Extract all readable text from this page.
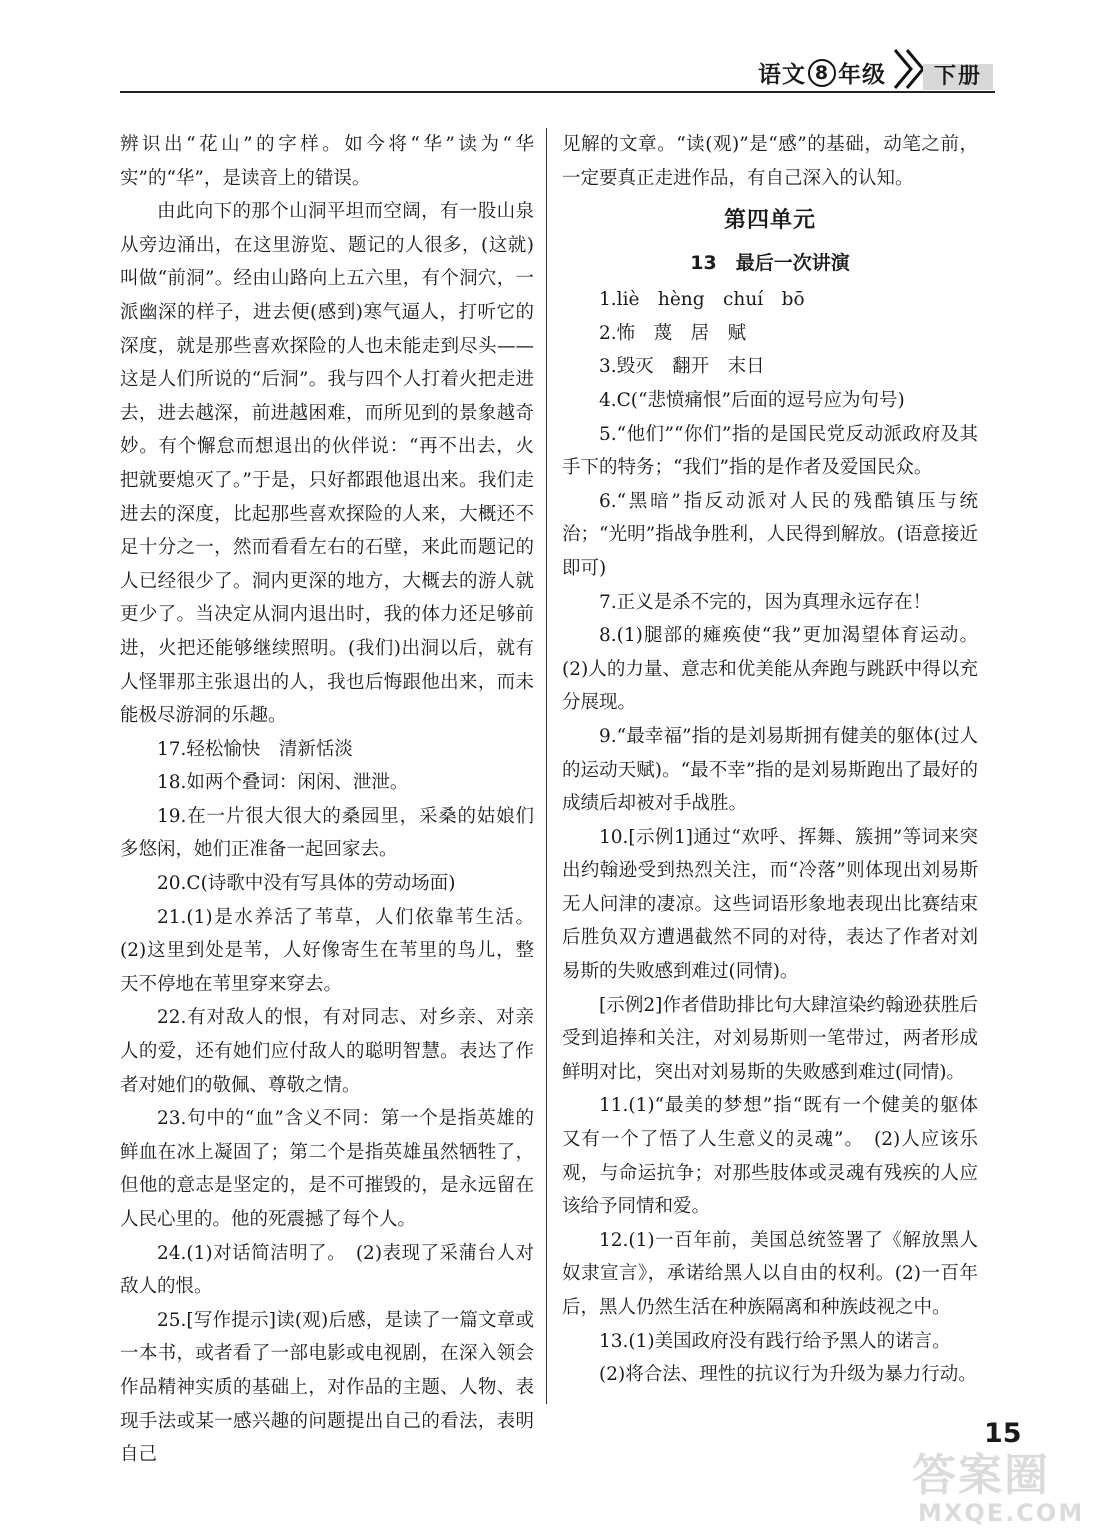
语文 8 年级	下册

辨识出“花山”的字样。如今将“华”读为“华实”的“华”，是读音上的错误。

由此向下的那个山洞平坦而空阔，有一股山泉从旁边涌出，在这里游览、题记的人很多，(这就)叫做“前洞”。经由山路向上五六里，有个洞穴，一派幽深的样子，进去便(感到)寒气逼人，打听它的深度，就是那些喜欢探险的人也未能走到尽头——这是人们所说的“后洞”。我与四个人打着火把走进去，进去越深，前进越困难，而所见到的景象越奇妙。有个懈怠而想退出的伙伴说：“再不出去，火把就要熄灭了。”于是，只好都跟他退出来。我们走进去的深度，比起那些喜欢探险的人来，大概还不足十分之一，然而看看左右的石壁，来此而题记的人已经很少了。洞内更深的地方，大概去的游人就更少了。当决定从洞内退出时，我的体力还足够前进，火把还能够继续照明。(我们)出洞以后，就有人怪罪那主张退出的人，我也后悔跟他出来，而未能极尽游洞的乐趣。

17.轻松愉快　清新恬淡

18.如两个叠词：闲闲、泄泄。

19.在一片很大很大的桑园里，采桑的姑娘们多悠闲，她们正准备一起回家去。

20.C(诗歌中没有写具体的劳动场面)

21.(1)是水养活了苇草，人们依靠苇生活。(2)这里到处是苇，人好像寄生在苇里的鸟儿，整天不停地在苇里穿来穿去。

22.有对敌人的恨，有对同志、对乡亲、对亲人的爱，还有她们应付敌人的聪明智慧。表达了作者对她们的敬佩、尊敬之情。

23.句中的“血”含义不同：第一个是指英雄的鲜血在冰上凝固了；第二个是指英雄虽然牺牲了，但他的意志是坚定的，是不可摧毁的，是永远留在人民心里的。他的死震撼了每个人。

24.(1)对话简洁明了。　(2)表现了采蒲台人对敌人的恨。

25.[写作提示]读(观)后感，是读了一篇文章或一本书，或者看了一部电影或电视剧，在深入领会作品精神实质的基础上，对作品的主题、人物、表现手法或某一感兴趣的问题提出自己的看法，表明自己

见解的文章。“读(观)”是“感”的基础，动笔之前，一定要真正走进作品，有自己深入的认知。

第四单元
13　最后一次讲演

1.liè　hèng　chuí　bō

2.怖　蔑　居　赋

3.毁灭　翻开　末日

4.C(“悲愤痛恨”后面的逗号应为句号)

5.“他们”“你们”指的是国民党反动派政府及其手下的特务；“我们”指的是作者及爱国民众。

6.“黑暗”指反动派对人民的残酷镇压与统治；“光明”指战争胜利，人民得到解放。(语意接近即可)

7.正义是杀不完的，因为真理永远存在！

8.(1)腿部的瘫痪使“我”更加渴望体育运动。(2)人的力量、意志和优美能从奔跑与跳跃中得以充分展现。

9.“最幸福”指的是刘易斯拥有健美的躯体(过人的运动天赋)。“最不幸”指的是刘易斯跑出了最好的成绩后却被对手战胜。

10.[示例1]通过“欢呼、挥舞、簇拥”等词来突出约翰逊受到热烈关注，而“冷落”则体现出刘易斯无人问津的凄凉。这些词语形象地表现出比赛结束后胜负双方遭遇截然不同的对待，表达了作者对刘易斯的失败感到难过(同情)。

[示例2]作者借助排比句大肆渲染约翰逊获胜后受到追捧和关注，对刘易斯则一笔带过，两者形成鲜明对比，突出对刘易斯的失败感到难过(同情)。

11.(1)“最美的梦想”指“既有一个健美的躯体又有一个了悟了人生意义的灵魂”。　(2)人应该乐观，与命运抗争；对那些肢体或灵魂有残疾的人应该给予同情和爱。

12.(1)一百年前，美国总统签署了《解放黑人奴隶宣言》，承诺给黑人以自由的权利。(2)一百年后，黑人仍然生活在种族隔离和种族歧视之中。

13.(1)美国政府没有践行给予黑人的诺言。

(2)将合法、理性的抗议行为升级为暴力行动。

15
答案圈
MXQE.COM
